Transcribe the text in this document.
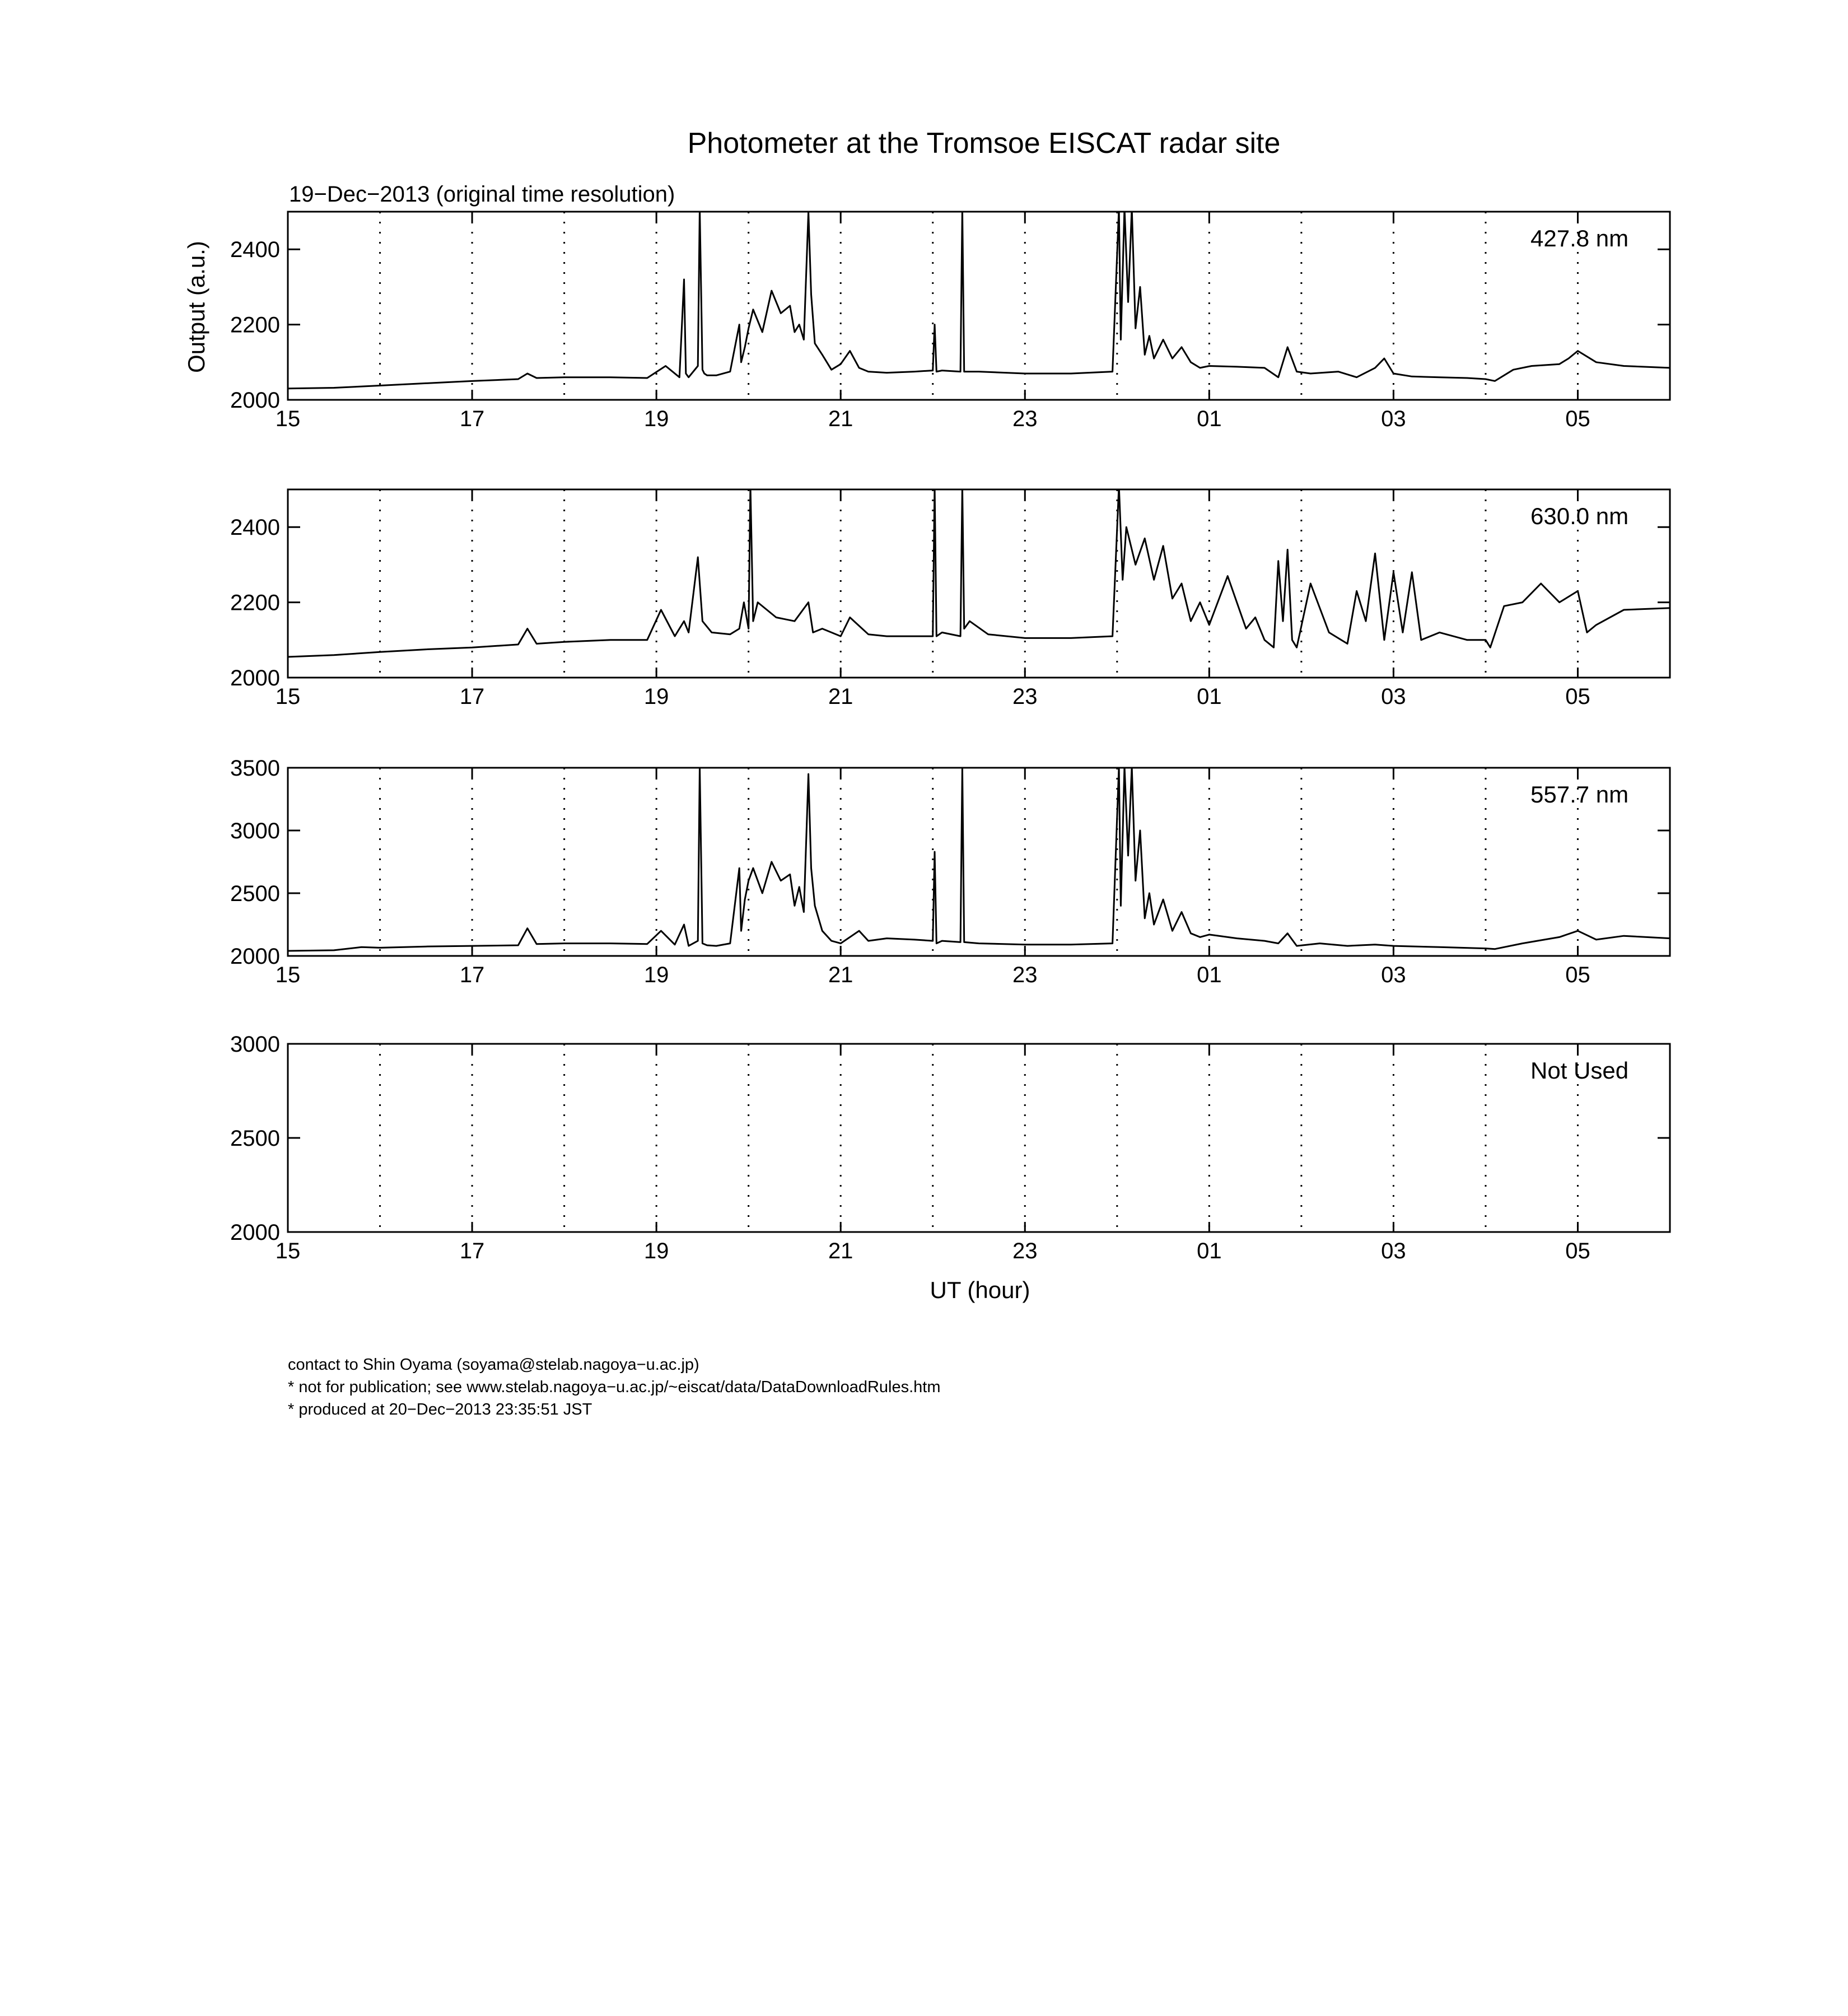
Photometer at the Tromsoe EISCAT radar site
19−Dec−2013 (original time resolution)
Output (a.u.)
15	17	19	21	23	01	03	05
2000
2200
2400	427.8 nm
15	17	19	21	23	01	03	05
2000
2200
2400	630.0 nm
15	17	19	21	23	01	03	05
2000
2500
3000
3500
557.7 nm
15	17	19	21	23	01	03	05
2000
2500
3000
Not Used
UT (hour)
contact to Shin Oyama (soyama@stelab.nagoya−u.ac.jp)
* not for publication; see www.stelab.nagoya−u.ac.jp/~eiscat/data/DataDownloadRules.htm
* produced at 20−Dec−2013 23:35:51 JST
